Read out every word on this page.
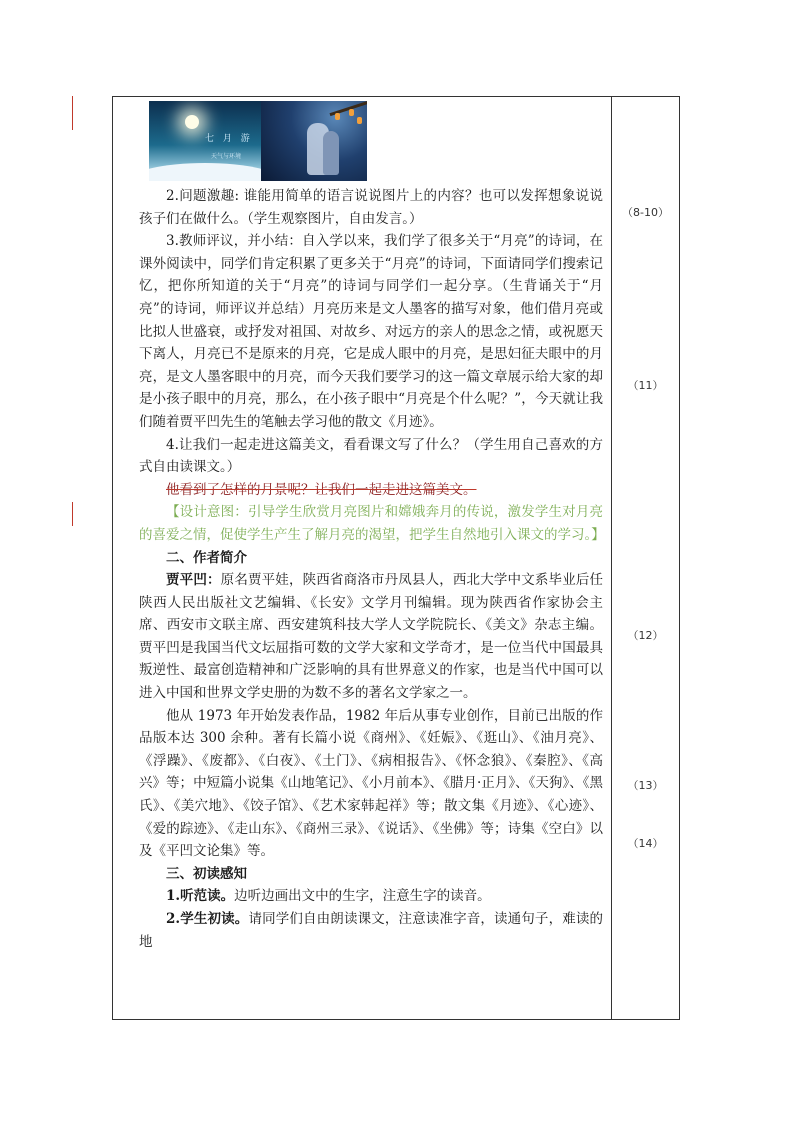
七 月 游
天气与环境

2.问题激趣: 谁能用简单的语言说说图片上的内容？也可以发挥想象说说孩子们在做什么。（学生观察图片，自由发言。）

3.教师评议，并小结：自入学以来，我们学了很多关于“月亮”的诗词，在课外阅读中，同学们肯定积累了更多关于“月亮”的诗词，下面请同学们搜索记忆，把你所知道的关于“月亮”的诗词与同学们一起分享。（生背诵关于“月亮”的诗词，师评议并总结）月亮历来是文人墨客的描写对象，他们借月亮或比拟人世盛衰，或抒发对祖国、对故乡、对远方的亲人的思念之情，或祝愿天下离人，月亮已不是原来的月亮，它是成人眼中的月亮，是思妇征夫眼中的月亮，是文人墨客眼中的月亮，而今天我们要学习的这一篇文章展示给大家的却是小孩子眼中的月亮，那么，在小孩子眼中“月亮是个什么呢？”，今天就让我们随着贾平凹先生的笔触去学习他的散文《月迹》。

4.让我们一起走进这篇美文，看看课文写了什么？（学生用自己喜欢的方式自由读课文。）

他看到了怎样的月景呢？让我们一起走进这篇美文。

【设计意图：引导学生欣赏月亮图片和嫦娥奔月的传说，激发学生对月亮的喜爱之情，促使学生产生了解月亮的渴望，把学生自然地引入课文的学习。】

二、作者简介

贾平凹：原名贾平娃，陕西省商洛市丹凤县人，西北大学中文系毕业后任陕西人民出版社文艺编辑、《长安》文学月刊编辑。现为陕西省作家协会主席、西安市文联主席、西安建筑科技大学人文学院院长、《美文》杂志主编。贾平凹是我国当代文坛屈指可数的文学大家和文学奇才，是一位当代中国最具叛逆性、最富创造精神和广泛影响的具有世界意义的作家，也是当代中国可以进入中国和世界文学史册的为数不多的著名文学家之一。

他从 1973 年开始发表作品，1982 年后从事专业创作，目前已出版的作品版本达 300 余种。著有长篇小说《商州》、《妊娠》、《逛山》、《油月亮》、《浮躁》、《废都》、《白夜》、《土门》、《病相报告》、《怀念狼》、《秦腔》、《高兴》等；中短篇小说集《山地笔记》、《小月前本》、《腊月·正月》、《天狗》、《黑氏》、《美穴地》、《饺子馆》、《艺术家韩起祥》等；散文集《月迹》、《心迹》、《爱的踪迹》、《走山东》、《商州三录》、《说话》、《坐佛》等；诗集《空白》以及《平凹文论集》等。

三、初读感知

1.听范读。边听边画出文中的生字，注意生字的读音。

2.学生初读。请同学们自由朗读课文，注意读准字音，读通句子，难读的地

（8-10）
（11）
（12）
（13）
（14）
